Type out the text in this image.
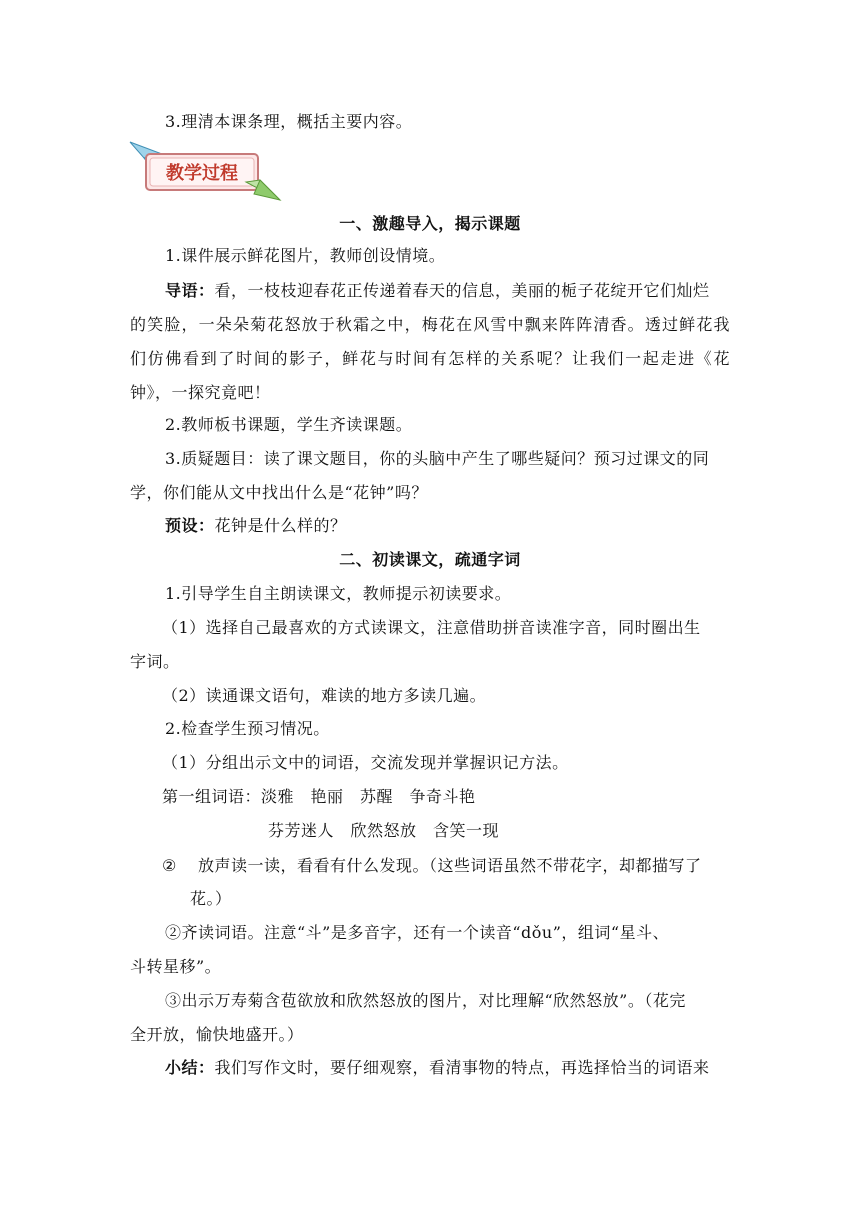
3.理清本课条理，概括主要内容。
教学过程
一、激趣导入，揭示课题
1.课件展示鲜花图片，教师创设情境。
导语：看，一枝枝迎春花正传递着春天的信息，美丽的栀子花绽开它们灿烂
的笑脸，一朵朵菊花怒放于秋霜之中，梅花在风雪中飘来阵阵清香。透过鲜花我
们仿佛看到了时间的影子，鲜花与时间有怎样的关系呢？让我们一起走进《花
钟》，一探究竟吧！
2.教师板书课题，学生齐读课题。
3.质疑题目：读了课文题目，你的头脑中产生了哪些疑问？预习过课文的同
学，你们能从文中找出什么是“花钟”吗？
预设：花钟是什么样的？
二、初读课文，疏通字词
1.引导学生自主朗读课文，教师提示初读要求。
（1）选择自己最喜欢的方式读课文，注意借助拼音读准字音，同时圈出生
字词。
（2）读通课文语句，难读的地方多读几遍。
2.检查学生预习情况。
（1）分组出示文中的词语，交流发现并掌握识记方法。
第一组词语：淡雅　艳丽　苏醒　争奇斗艳
芬芳迷人　欣然怒放　含笑一现
② 放声读一读，看看有什么发现。（这些词语虽然不带花字，却都描写了
花。）
②齐读词语。注意“斗”是多音字，还有一个读音“dǒu”，组词“星斗、
斗转星移”。
③出示万寿菊含苞欲放和欣然怒放的图片，对比理解“欣然怒放”。（花完
全开放，愉快地盛开。）
小结：我们写作文时，要仔细观察，看清事物的特点，再选择恰当的词语来
